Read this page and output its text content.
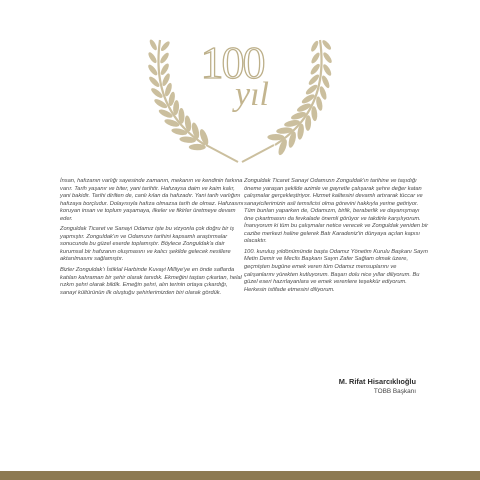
100
yıl

İnsan, hafızanın varlığı sayesinde zamanın, mekanın ve kendinin farkına varır. Tarih yaşanır ve biter, yani tarihtir. Hafızaysa daim ve kaim kalır, yani bakidir. Tarihi dirilten de, canlı kılan da hafızadır. Yani tarih varlığını hafızaya borçludur. Dolayısıyla hafıza olmazsa tarih de olmaz. Hafızasını koruyan insan ve toplum yaşamaya, ilkeler ve fikirler üretmeye devam eder.

Zonguldak Ticaret ve Sanayi Odamız işte bu vizyonla çok doğru bir iş yapmıştır. Zonguldak'ın ve Odamızın tarihini kapsamlı araştırmalar sonucunda bu güzel eserde toplamıştır. Böylece Zonguldak'a dair kurumsal bir hafızanın oluşmasını ve kalıcı şekilde gelecek nesillere aktarılmasını sağlamıştır.

Bizler Zonguldak'ı İstiklal Harbinde Kuvayi Milliye'ye en önde saflarda katılan kahraman bir şehir olarak tanıdık. Ekmeğini taştan çıkartan, helal rızkın şehri olarak bildik. Emeğin şehri, alın terinin ortaya çıkardığı, sanayi kültürünün ilk oluştuğu şehirlerimizden biri olarak gördük.

Zonguldak Ticaret Sanayi Odamızın Zonguldak'ın tarihine ve taşıdığı öneme yaraşan şekilde azimle ve gayretle çalışarak şehre değer katan çalışmalar gerçekleştiriyor. Hizmet kalitesini devamlı artırarak tüccar ve sanayicilerimizin asli temsilcisi olma görevini hakkıyla yerine getiriyor. Tüm bunları yaparken de, Odamızın, birlik, beraberlik ve dayanışmayı öne çıkartmasını da fevkalade önemli görüyor ve takdirle karşılıyorum. İnanıyorum ki tüm bu çalışmalar netice verecek ve Zonguldak yeniden bir cazibe merkezi haline gelerek Batı Karadeniz'in dünyaya açılan kapısı olacaktır.

100. kuruluş yıldönümünde başta Odamız Yönetim Kurulu Başkanı Sayın Metin Demir ve Meclis Başkanı Sayın Zafer Sağlam olmak üzere, geçmişten bugüne emek veren tüm Odamız mensuplarını ve çalışanlarını yürekten kutluyorum. Başarı dolu nice yıllar diliyorum. Bu güzel eseri hazırlayanlara ve emek verenlere teşekkür ediyorum. Herkesin istifade etmesini diliyorum.

M. Rifat Hisarcıklıoğlu
TOBB Başkanı
